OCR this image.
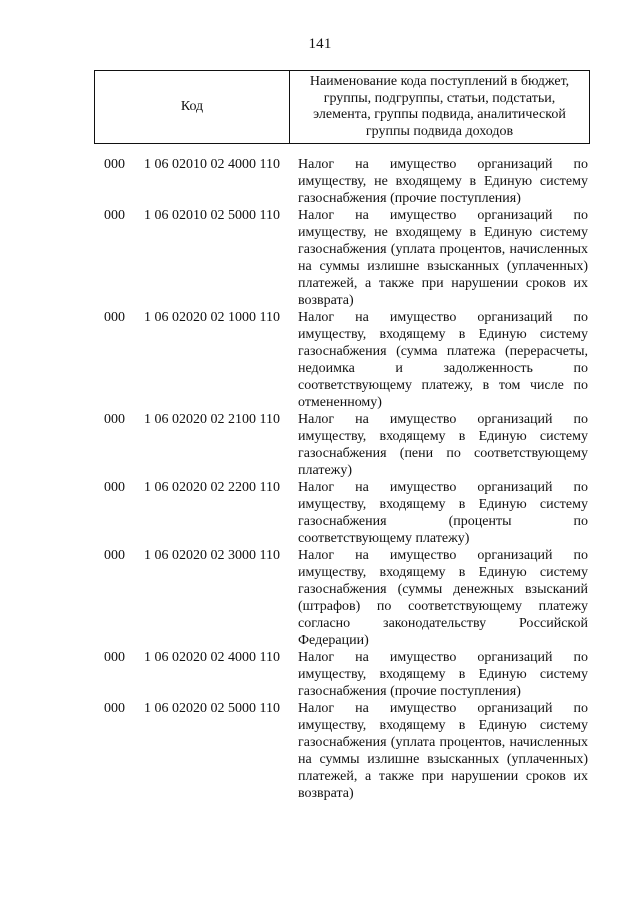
141
Код
Наименование кода поступлений в бюджет, группы, подгруппы, статьи, подстатьи, элемента, группы подвида, аналитической группы подвида доходов
000 1 06 02010 02 4000 110 Налог на имущество организаций по имуществу, не входящему в Единую систему газоснабжения (прочие поступления)
000 1 06 02010 02 5000 110 Налог на имущество организаций по имуществу, не входящему в Единую систему газоснабжения (уплата процентов, начисленных на суммы излишне взысканных (уплаченных) платежей, а также при нарушении сроков их возврата)
000 1 06 02020 02 1000 110 Налог на имущество организаций по имуществу, входящему в Единую систему газоснабжения (сумма платежа (перерасчеты, недоимка и задолженность по соответствующему платежу, в том числе по отмененному)
000 1 06 02020 02 2100 110 Налог на имущество организаций по имуществу, входящему в Единую систему газоснабжения (пени по соответствующему платежу)
000 1 06 02020 02 2200 110 Налог на имущество организаций по имуществу, входящему в Единую систему газоснабжения (проценты по соответствующему платежу)
000 1 06 02020 02 3000 110 Налог на имущество организаций по имуществу, входящему в Единую систему газоснабжения (суммы денежных взысканий (штрафов) по соответствующему платежу согласно законодательству Российской Федерации)
000 1 06 02020 02 4000 110 Налог на имущество организаций по имуществу, входящему в Единую систему газоснабжения (прочие поступления)
000 1 06 02020 02 5000 110 Налог на имущество организаций по имуществу, входящему в Единую систему газоснабжения (уплата процентов, начисленных на суммы излишне взысканных (уплаченных) платежей, а также при нарушении сроков их возврата)
